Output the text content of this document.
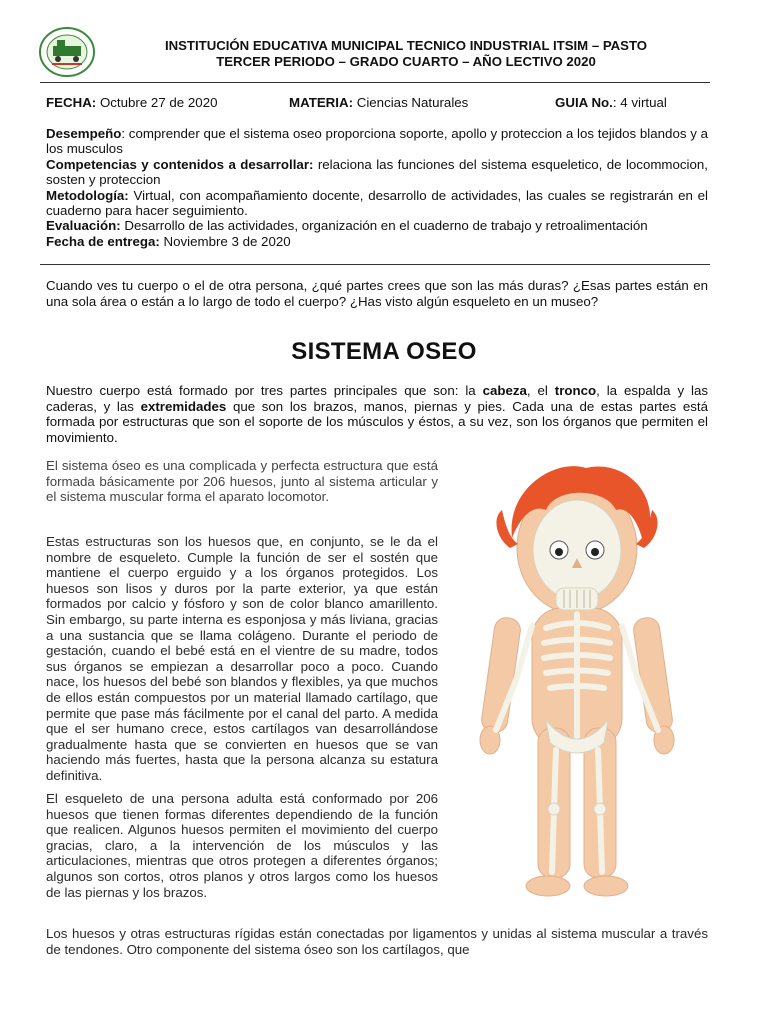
INSTITUCIÓN EDUCATIVA MUNICIPAL TECNICO INDUSTRIAL ITSIM – PASTO
TERCER PERIODO – GRADO CUARTO – AÑO LECTIVO 2020
FECHA: Octubre 27 de 2020	MATERIA: Ciencias Naturales	GUIA No.: 4 virtual

Desempeño: comprender que el sistema oseo proporciona soporte, apollo y proteccion a los tejidos blandos y a los musculos

Competencias y contenidos a desarrollar: relaciona las funciones del sistema esqueletico, de locommocion, sosten y proteccion

Metodología: Virtual, con acompañamiento docente, desarrollo de actividades, las cuales se registrarán en el cuaderno para hacer seguimiento.

Evaluación: Desarrollo de las actividades, organización en el cuaderno de trabajo y retroalimentación

Fecha de entrega: Noviembre 3 de 2020

Cuando ves tu cuerpo o el de otra persona, ¿qué partes crees que son las más duras? ¿Esas partes están en una sola área o están a lo largo de todo el cuerpo? ¿Has visto algún esqueleto en un museo?
SISTEMA OSEO
Nuestro cuerpo está formado por tres partes principales que son: la cabeza, el tronco, la espalda y las caderas, y las extremidades que son los brazos, manos, piernas y pies. Cada una de estas partes está formada por estructuras que son el soporte de los músculos y éstos, a su vez, son los órganos que permiten el movimiento.
El sistema óseo es una complicada y perfecta estructura que está formada básicamente por 206 huesos, junto al sistema articular y el sistema muscular forma el aparato locomotor.
Estas estructuras son los huesos que, en conjunto, se le da el nombre de esqueleto. Cumple la función de ser el sostén que mantiene el cuerpo erguido y a los órganos protegidos. Los huesos son lisos y duros por la parte exterior, ya que están formados por calcio y fósforo y son de color blanco amarillento. Sin embargo, su parte interna es esponjosa y más liviana, gracias a una sustancia que se llama colágeno. Durante el periodo de gestación, cuando el bebé está en el vientre de su madre, todos sus órganos se empiezan a desarrollar poco a poco. Cuando nace, los huesos del bebé son blandos y flexibles, ya que muchos de ellos están compuestos por un material llamado cartílago, que permite que pase más fácilmente por el canal del parto. A medida que el ser humano crece, estos cartílagos van desarrollándose gradualmente hasta que se convierten en huesos que se van haciendo más fuertes, hasta que la persona alcanza su estatura definitiva.
El esqueleto de una persona adulta está conformado por 206 huesos que tienen formas diferentes dependiendo de la función que realicen. Algunos huesos permiten el movimiento del cuerpo gracias, claro, a la intervención de los músculos y las articulaciones, mientras que otros protegen a diferentes órganos; algunos son cortos, otros planos y otros largos como los huesos de las piernas y los brazos.
Los huesos y otras estructuras rígidas están conectadas por ligamentos y unidas al sistema muscular a través de tendones. Otro componente del sistema óseo son los cartílagos, que
